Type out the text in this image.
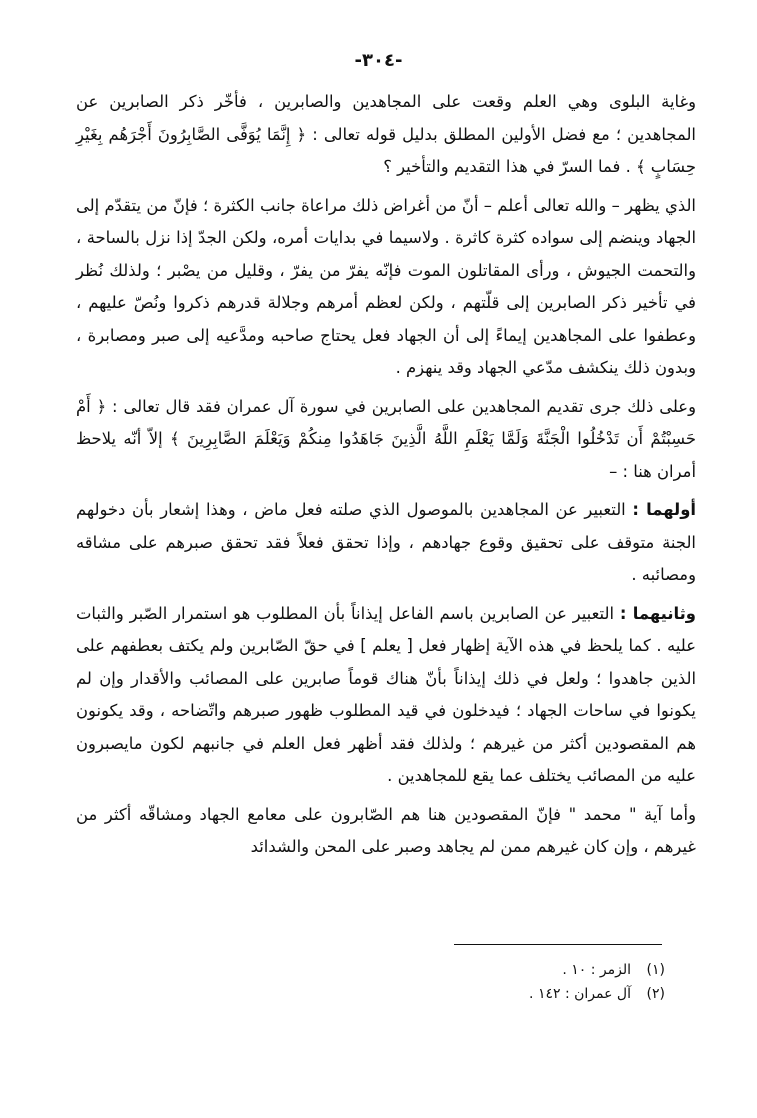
-٣٠٤-

وغاية البلوى وهي العلم وقعت على المجاهدين والصابرين ، فأخّر ذكر الصابرين عن المجاهدين ؛ مع فضل الأولين المطلق بدليل قوله تعالى : ﴿ إِنَّمَا يُوَفَّى الصَّابِرُونَ أَجْرَهُم بِغَيْرِ حِسَابٍ ﴾ . فما السرّ في هذا التقديم والتأخير ؟

الذي يظهر – والله تعالى أعلم – أنّ من أغراض ذلك مراعاة جانب الكثرة ؛ فإنّ من يتقدّم إلى الجهاد وينضم إلى سواده كثرة كاثرة . ولاسيما في بدايات أمره، ولكن الجدّ إذا نزل بالساحة ، والتحمت الجيوش ، ورأى المقاتلون الموت فإنّه يفرّ من يفرّ ، وقليل من يصْبر ؛ ولذلك نُظر في تأخير ذكر الصابرين إلى قلّتهم ، ولكن لعظم أمرهم وجلالة قدرهم ذكروا ونُصّ عليهم ، وعطفوا على المجاهدين إيماءً إلى أن الجهاد فعل يحتاج صاحبه ومدَّعيه إلى صبر ومصابرة ، وبدون ذلك ينكشف مدّعي الجهاد وقد ينهزم .

وعلى ذلك جرى تقديم المجاهدين على الصابرين في سورة آل عمران فقد قال تعالى : ﴿ أَمْ حَسِبْتُمْ أَن تَدْخُلُوا الْجَنَّةَ وَلَمَّا يَعْلَمِ اللَّهُ الَّذِينَ جَاهَدُوا مِنكُمْ وَيَعْلَمَ الصَّابِرِينَ ﴾ إلاّ أنّه يلاحظ أمران هنا : –

أولهما : التعبير عن المجاهدين بالموصول الذي صلته فعل ماض ، وهذا إشعار بأن دخولهم الجنة متوقف على تحقيق وقوع جهادهم ، وإذا تحقق فعلاً فقد تحقق صبرهم على مشاقه ومصائبه .

وثانيهما : التعبير عن الصابرين باسم الفاعل إيذاناً بأن المطلوب هو استمرار الصّبر والثبات عليه . كما يلحظ في هذه الآية إظهار فعل [ يعلم ] في حقّ الصّابرين ولم يكتف بعطفهم على الذين جاهدوا ؛ ولعل في ذلك إيذاناً بأنّ هناك قوماً صابرين على المصائب والأقدار وإن لم يكونوا في ساحات الجهاد ؛ فيدخلون في قيد المطلوب ظهور صبرهم واتّضاحه ، وقد يكونون هم المقصودين أكثر من غيرهم ؛ ولذلك فقد أظهر فعل العلم في جانبهم لكون مايصبرون عليه من المصائب يختلف عما يقع للمجاهدين .

وأما آية " محمد " فإنّ المقصودين هنا هم الصّابرون على معامع الجهاد ومشاقّه أكثر من غيرهم ، وإن كان غيرهم ممن لم يجاهد وصبر على المحن والشدائد

(١)الزمر : ١٠ .
(٢)آل عمران : ١٤٢ .
